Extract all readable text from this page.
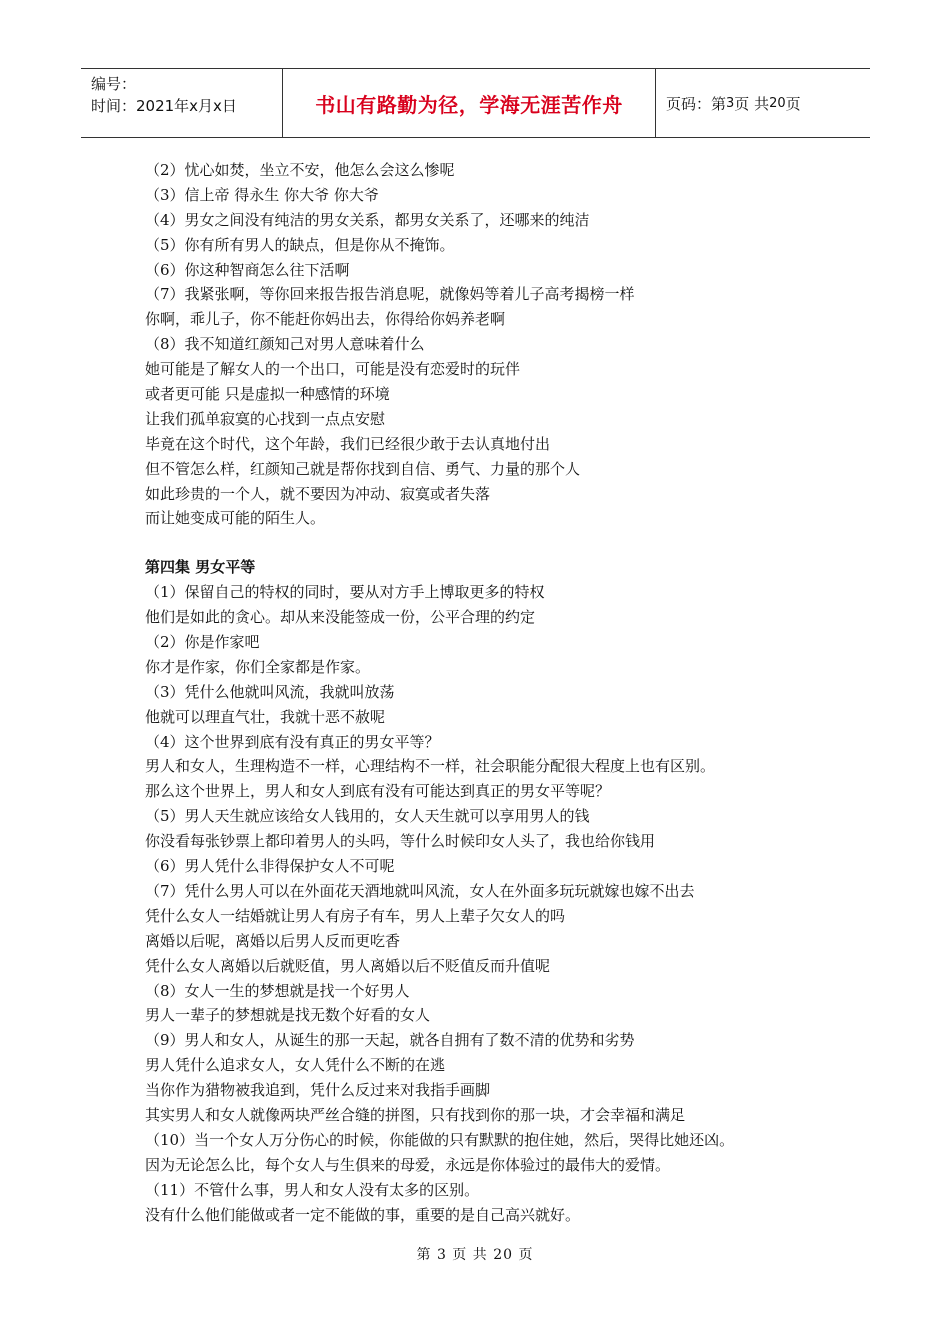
编号：
时间：2021年x月x日	书山有路勤为径，学海无涯苦作舟	页码：第 3 页 共 20 页
（2）忧心如焚，坐立不安，他怎么会这么惨呢
（3）信上帝 得永生 你大爷 你大爷
（4）男女之间没有纯洁的男女关系，都男女关系了，还哪来的纯洁
（5）你有所有男人的缺点，但是你从不掩饰。
（6）你这种智商怎么往下活啊
（7）我紧张啊，等你回来报告报告消息呢，就像妈等着儿子高考揭榜一样
你啊，乖儿子，你不能赶你妈出去，你得给你妈养老啊
（8）我不知道红颜知己对男人意味着什么
她可能是了解女人的一个出口，可能是没有恋爱时的玩伴
或者更可能 只是虚拟一种感情的环境
让我们孤单寂寞的心找到一点点安慰
毕竟在这个时代，这个年龄，我们已经很少敢于去认真地付出
但不管怎么样，红颜知己就是帮你找到自信、勇气、力量的那个人
如此珍贵的一个人，就不要因为冲动、寂寞或者失落
而让她变成可能的陌生人。
第四集 男女平等
（1）保留自己的特权的同时，要从对方手上博取更多的特权
他们是如此的贪心。却从来没能签成一份，公平合理的约定
（2）你是作家吧
你才是作家，你们全家都是作家。
（3）凭什么他就叫风流，我就叫放荡
他就可以理直气壮，我就十恶不赦呢
（4）这个世界到底有没有真正的男女平等？
男人和女人，生理构造不一样，心理结构不一样，社会职能分配很大程度上也有区别。
那么这个世界上，男人和女人到底有没有可能达到真正的男女平等呢？
（5）男人天生就应该给女人钱用的，女人天生就可以享用男人的钱
你没看每张钞票上都印着男人的头吗，等什么时候印女人头了，我也给你钱用
（6）男人凭什么非得保护女人不可呢
（7）凭什么男人可以在外面花天酒地就叫风流，女人在外面多玩玩就嫁也嫁不出去
凭什么女人一结婚就让男人有房子有车，男人上辈子欠女人的吗
离婚以后呢，离婚以后男人反而更吃香
凭什么女人离婚以后就贬值，男人离婚以后不贬值反而升值呢
（8）女人一生的梦想就是找一个好男人
男人一辈子的梦想就是找无数个好看的女人
（9）男人和女人，从诞生的那一天起，就各自拥有了数不清的优势和劣势
男人凭什么追求女人，女人凭什么不断的在逃
当你作为猎物被我追到，凭什么反过来对我指手画脚
其实男人和女人就像两块严丝合缝的拼图，只有找到你的那一块，才会幸福和满足
（10）当一个女人万分伤心的时候，你能做的只有默默的抱住她，然后，哭得比她还凶。
因为无论怎么比，每个女人与生俱来的母爱，永远是你体验过的最伟大的爱情。
（11）不管什么事，男人和女人没有太多的区别。
没有什么他们能做或者一定不能做的事，重要的是自己高兴就好。
第 3 页 共 20 页
